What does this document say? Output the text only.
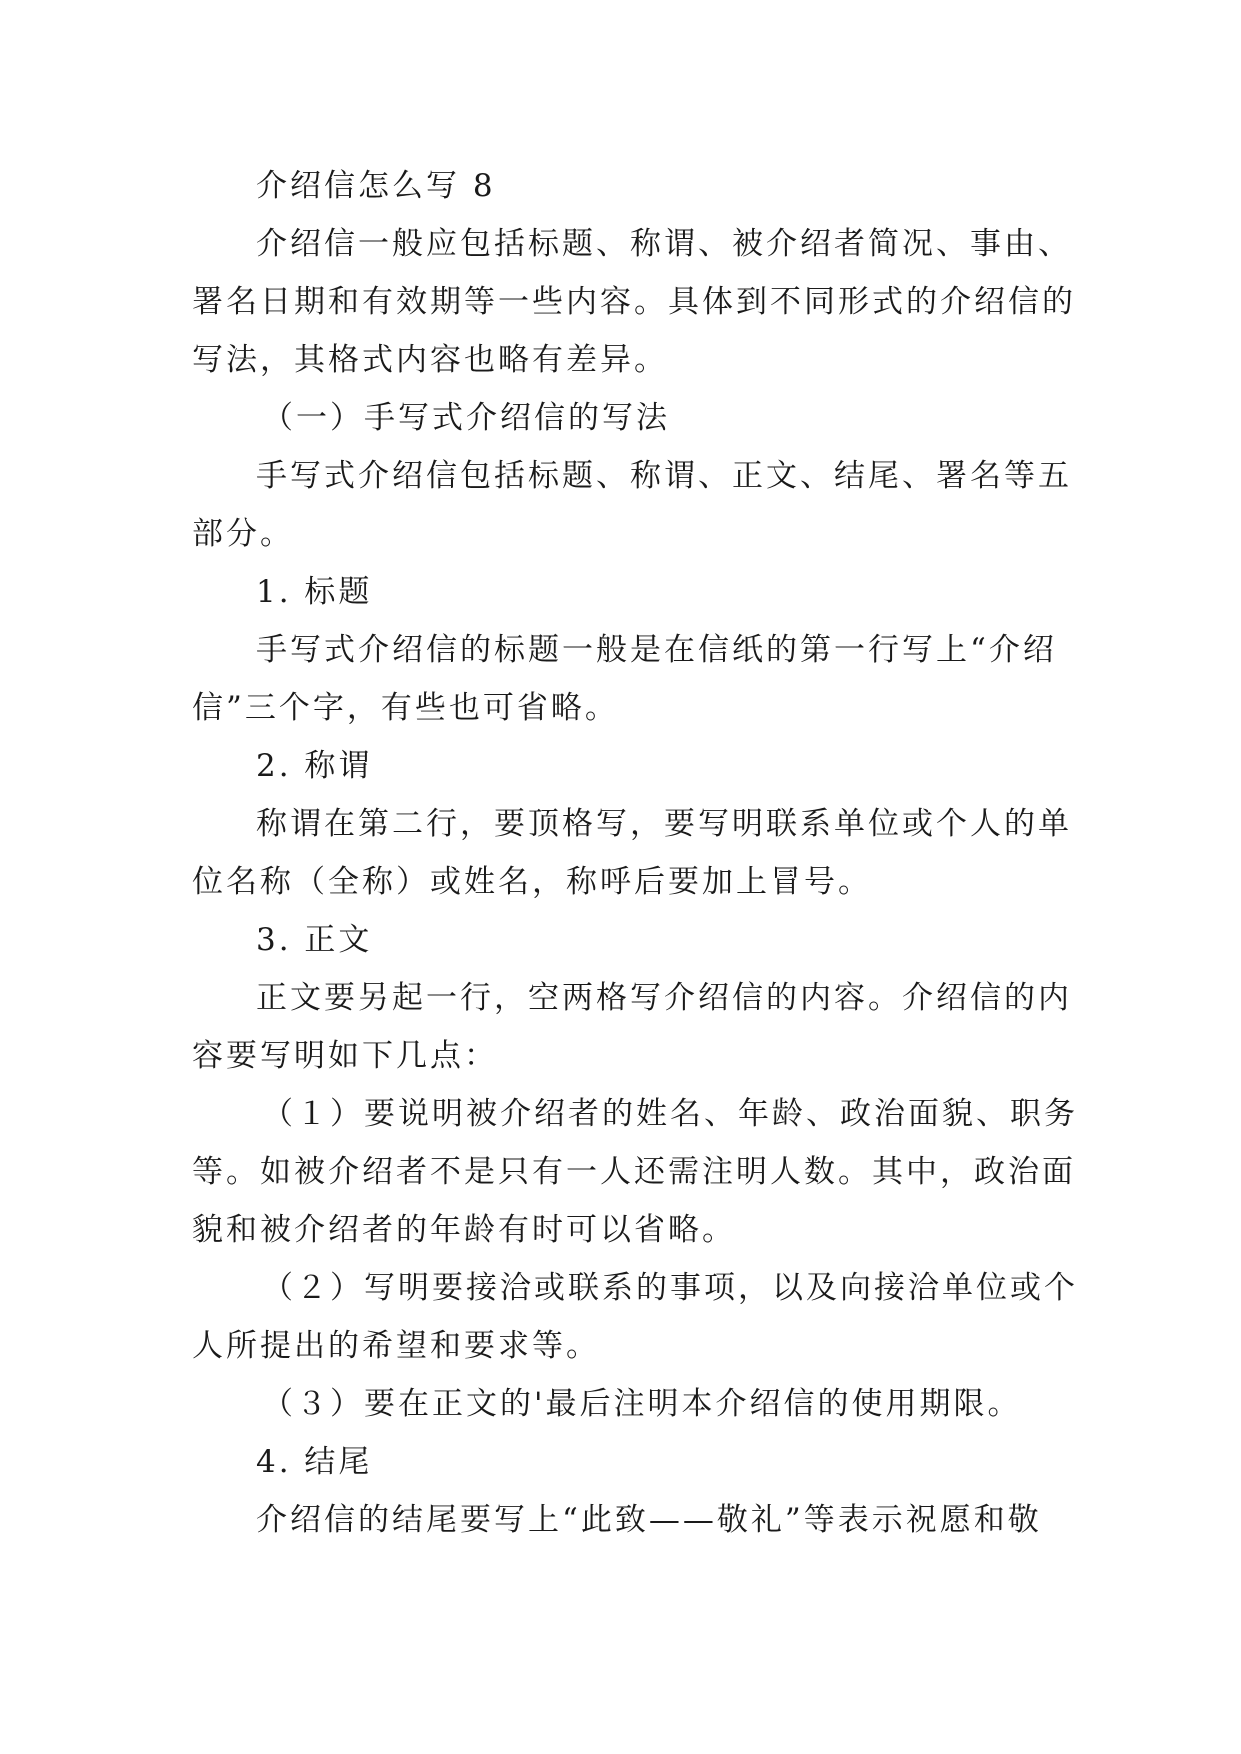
介绍信怎么写 8
介绍信一般应包括标题、称谓、被介绍者简况、事由、
署名日期和有效期等一些内容。具体到不同形式的介绍信的
写法，其格式内容也略有差异。
（一）手写式介绍信的写法
手写式介绍信包括标题、称谓、正文、结尾、署名等五
部分。
1. 标题
手写式介绍信的标题一般是在信纸的第一行写上“介绍
信”三个字，有些也可省略。
2. 称谓
称谓在第二行，要顶格写，要写明联系单位或个人的单
位名称（全称）或姓名，称呼后要加上冒号。
3. 正文
正文要另起一行，空两格写介绍信的内容。介绍信的内
容要写明如下几点：
（１）要说明被介绍者的姓名、年龄、政治面貌、职务
等。如被介绍者不是只有一人还需注明人数。其中，政治面
貌和被介绍者的年龄有时可以省略。
（２）写明要接洽或联系的事项，以及向接洽单位或个
人所提出的希望和要求等。
（３）要在正文的'最后注明本介绍信的使用期限。
4. 结尾
介绍信的结尾要写上“此致——敬礼”等表示祝愿和敬
